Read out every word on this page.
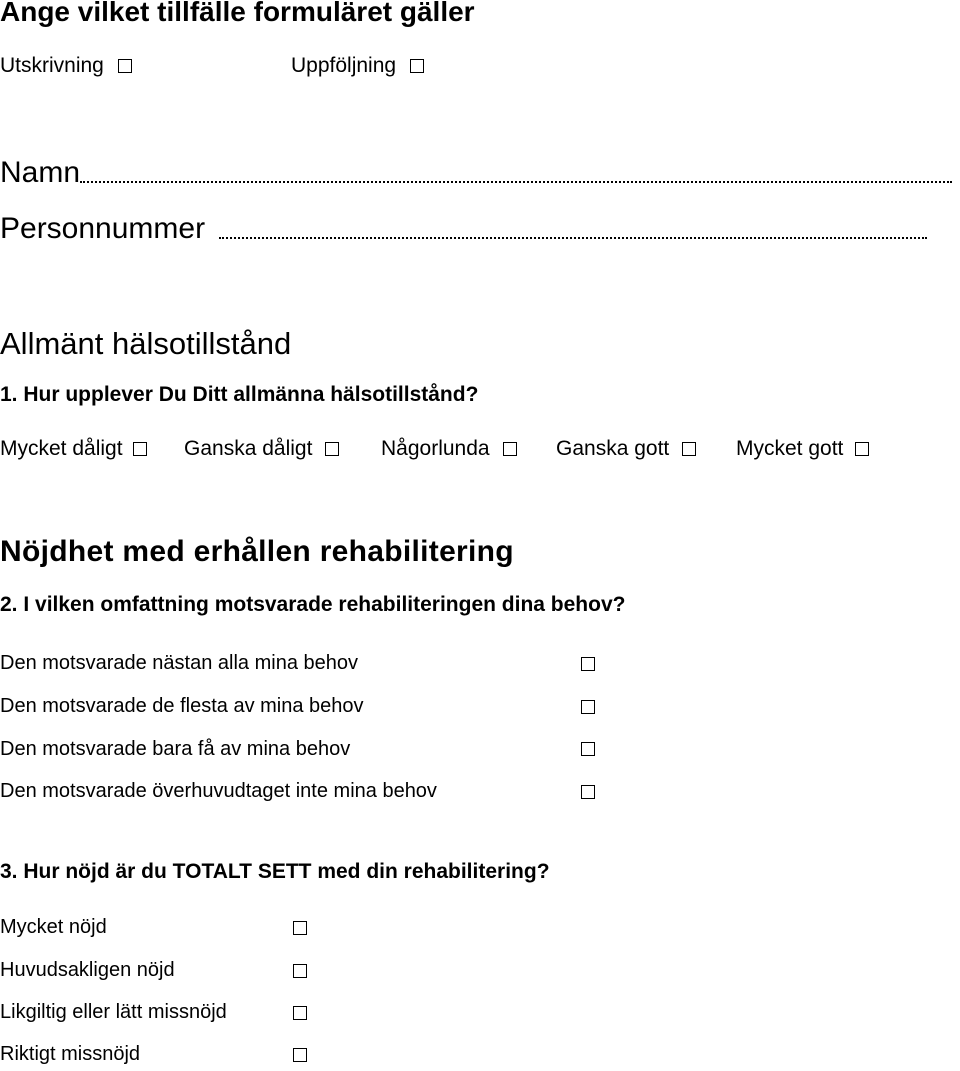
Ange vilket tillfälle formuläret gäller
Utskrivning	Uppföljning
Namn
Personnummer
Allmänt hälsotillstånd
1. Hur upplever Du Ditt allmänna hälsotillstånd?
Mycket dåligt	Ganska dåligt	Någorlunda	Ganska gott	Mycket gott
Nöjdhet med erhållen rehabilitering
2. I vilken omfattning motsvarade rehabiliteringen dina behov?
Den motsvarade nästan alla mina behov
Den motsvarade de flesta av mina behov
Den motsvarade bara få av mina behov
Den motsvarade överhuvudtaget inte mina behov
3. Hur nöjd är du TOTALT SETT med din rehabilitering?
Mycket nöjd
Huvudsakligen nöjd
Likgiltig eller lätt missnöjd
Riktigt missnöjd
